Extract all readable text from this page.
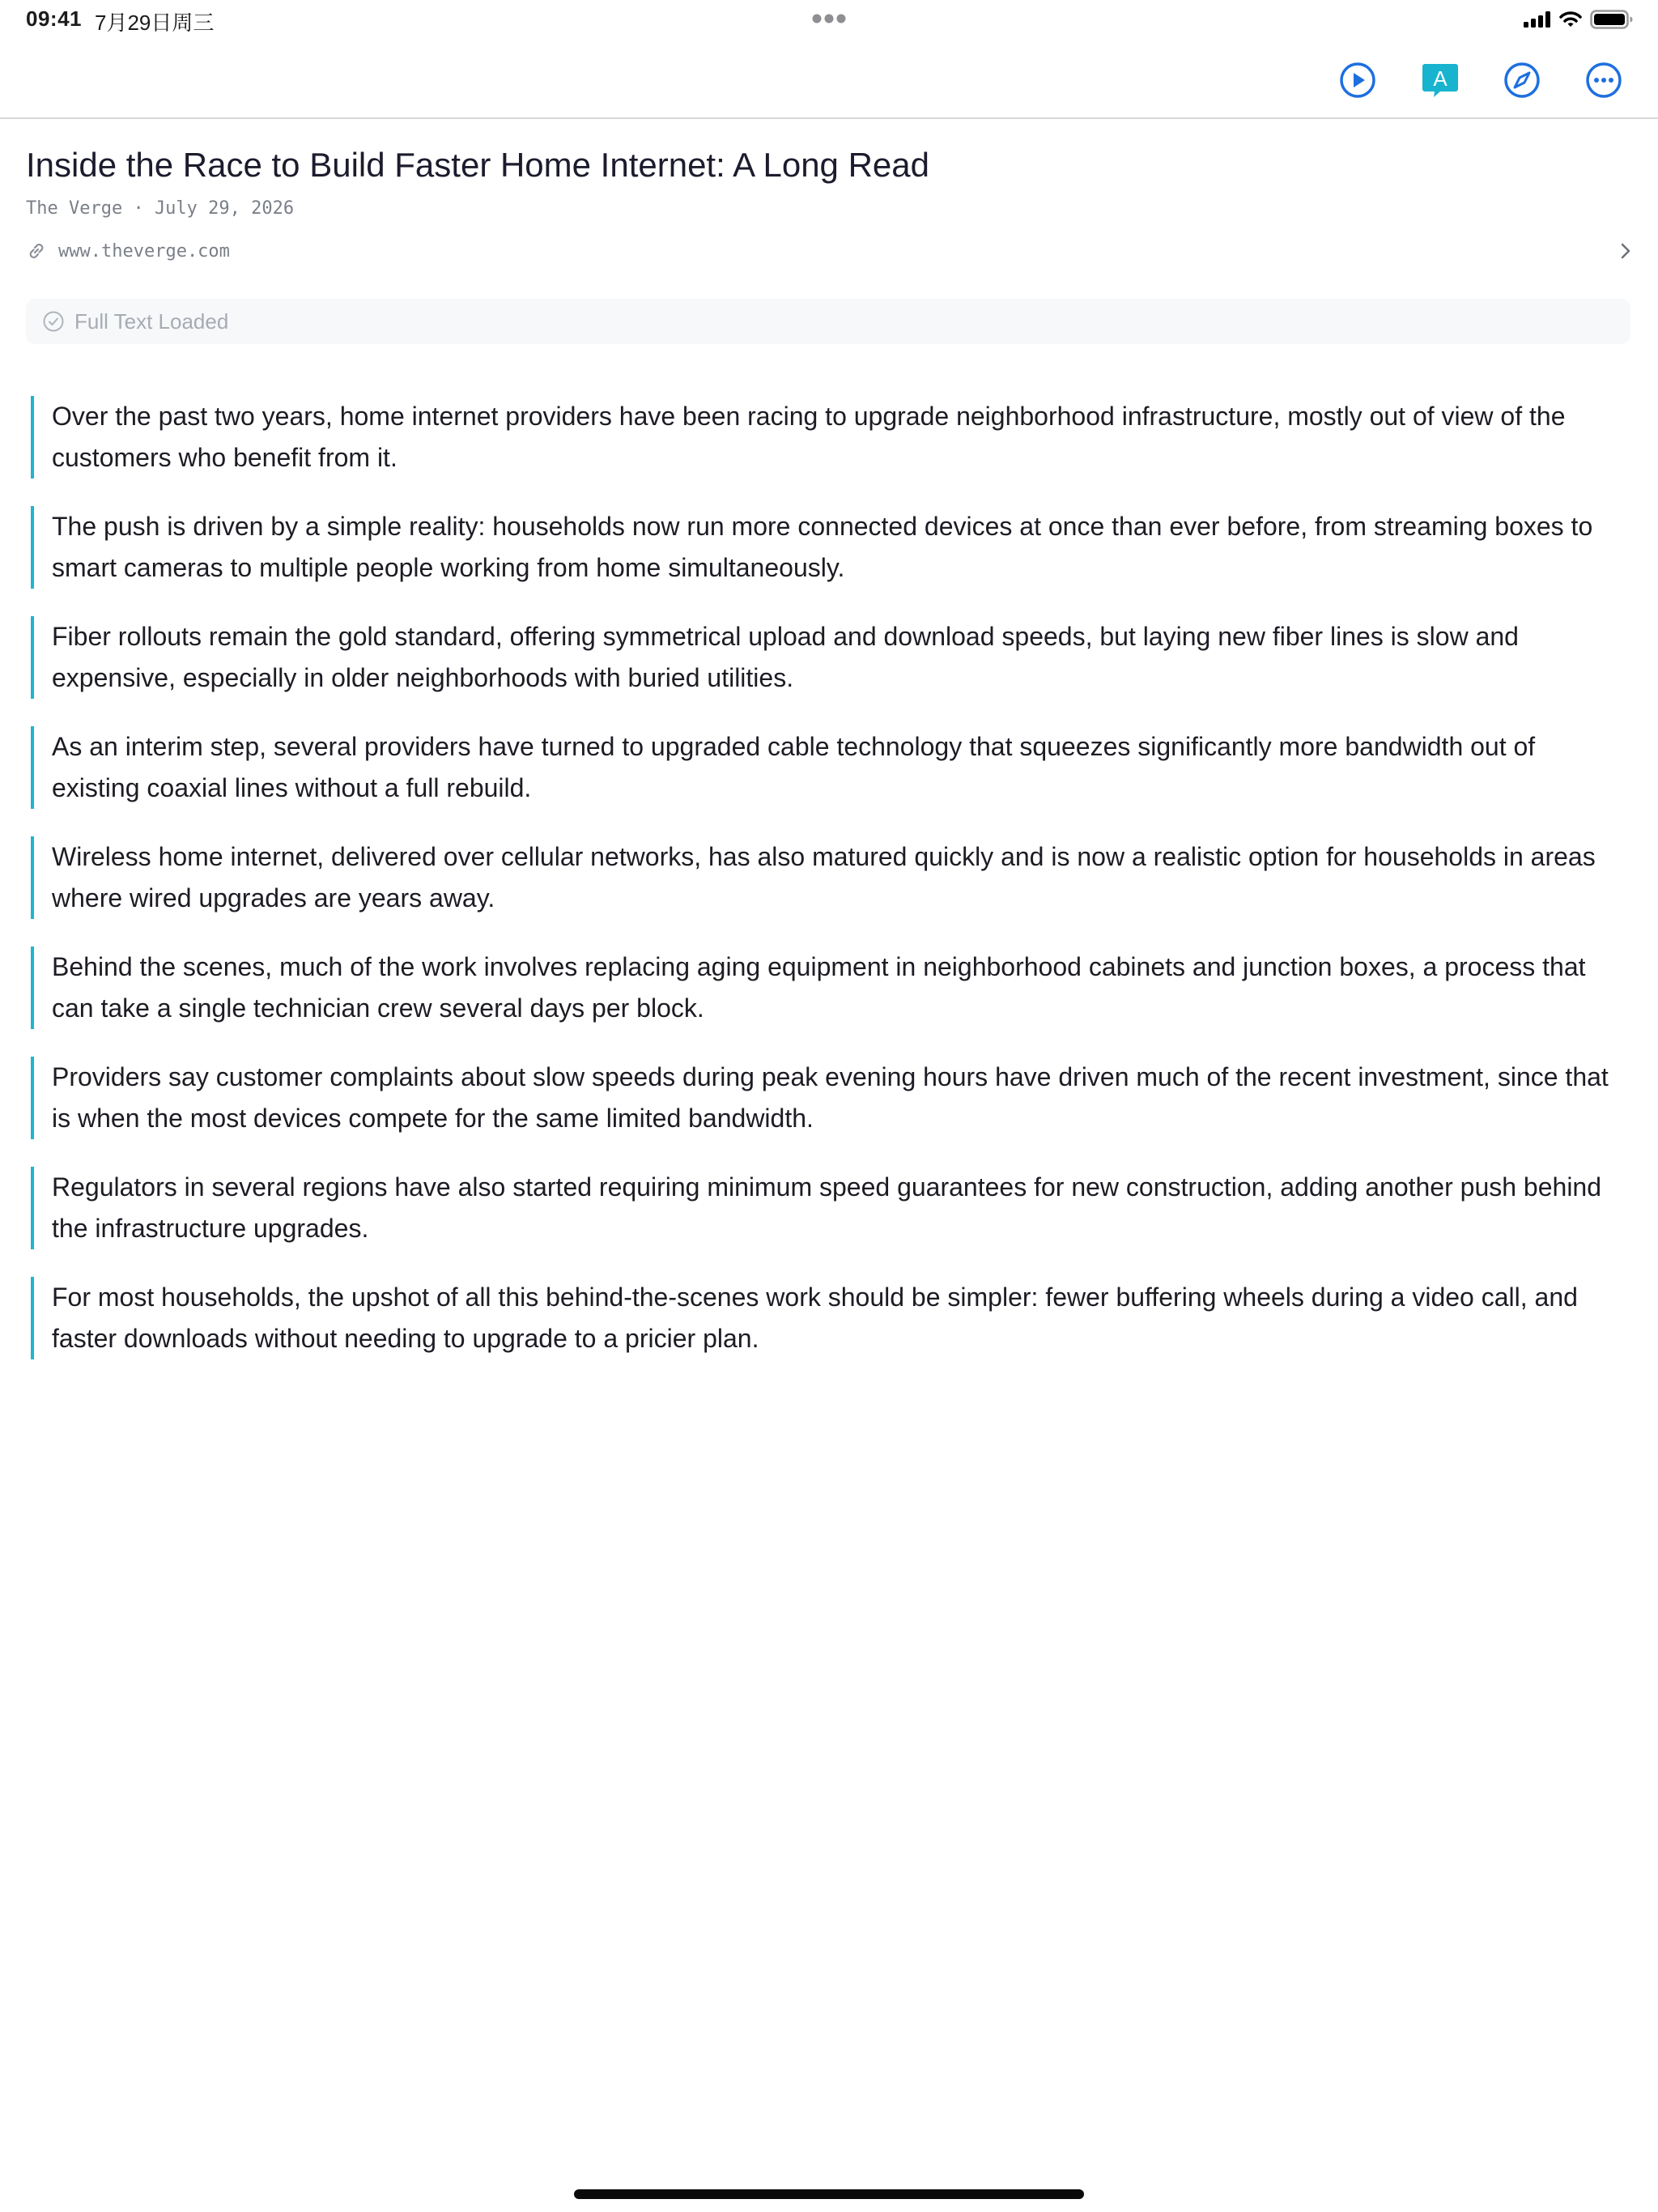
09:41 7月29日周三
A
Inside the Race to Build Faster Home Internet: A Long Read
The Verge · July 29, 2026
www.theverge.com
Full Text Loaded

Over the past two years, home internet providers have been racing to upgrade neighborhood infrastructure, mostly out of view of the customers who benefit from it.

The push is driven by a simple reality: households now run more connected devices at once than ever before, from streaming boxes to smart cameras to multiple people working from home simultaneously.

Fiber rollouts remain the gold standard, offering symmetrical upload and download speeds, but laying new fiber lines is slow and expensive, especially in older neighborhoods with buried utilities.

As an interim step, several providers have turned to upgraded cable technology that squeezes significantly more bandwidth out of existing coaxial lines without a full rebuild.

Wireless home internet, delivered over cellular networks, has also matured quickly and is now a realistic option for households in areas where wired upgrades are years away.

Behind the scenes, much of the work involves replacing aging equipment in neighborhood cabinets and junction boxes, a process that can take a single technician crew several days per block.

Providers say customer complaints about slow speeds during peak evening hours have driven much of the recent investment, since that is when the most devices compete for the same limited bandwidth.

Regulators in several regions have also started requiring minimum speed guarantees for new construction, adding another push behind the infrastructure upgrades.

For most households, the upshot of all this behind-the-scenes work should be simpler: fewer buffering wheels during a video call, and faster downloads without needing to upgrade to a pricier plan.
